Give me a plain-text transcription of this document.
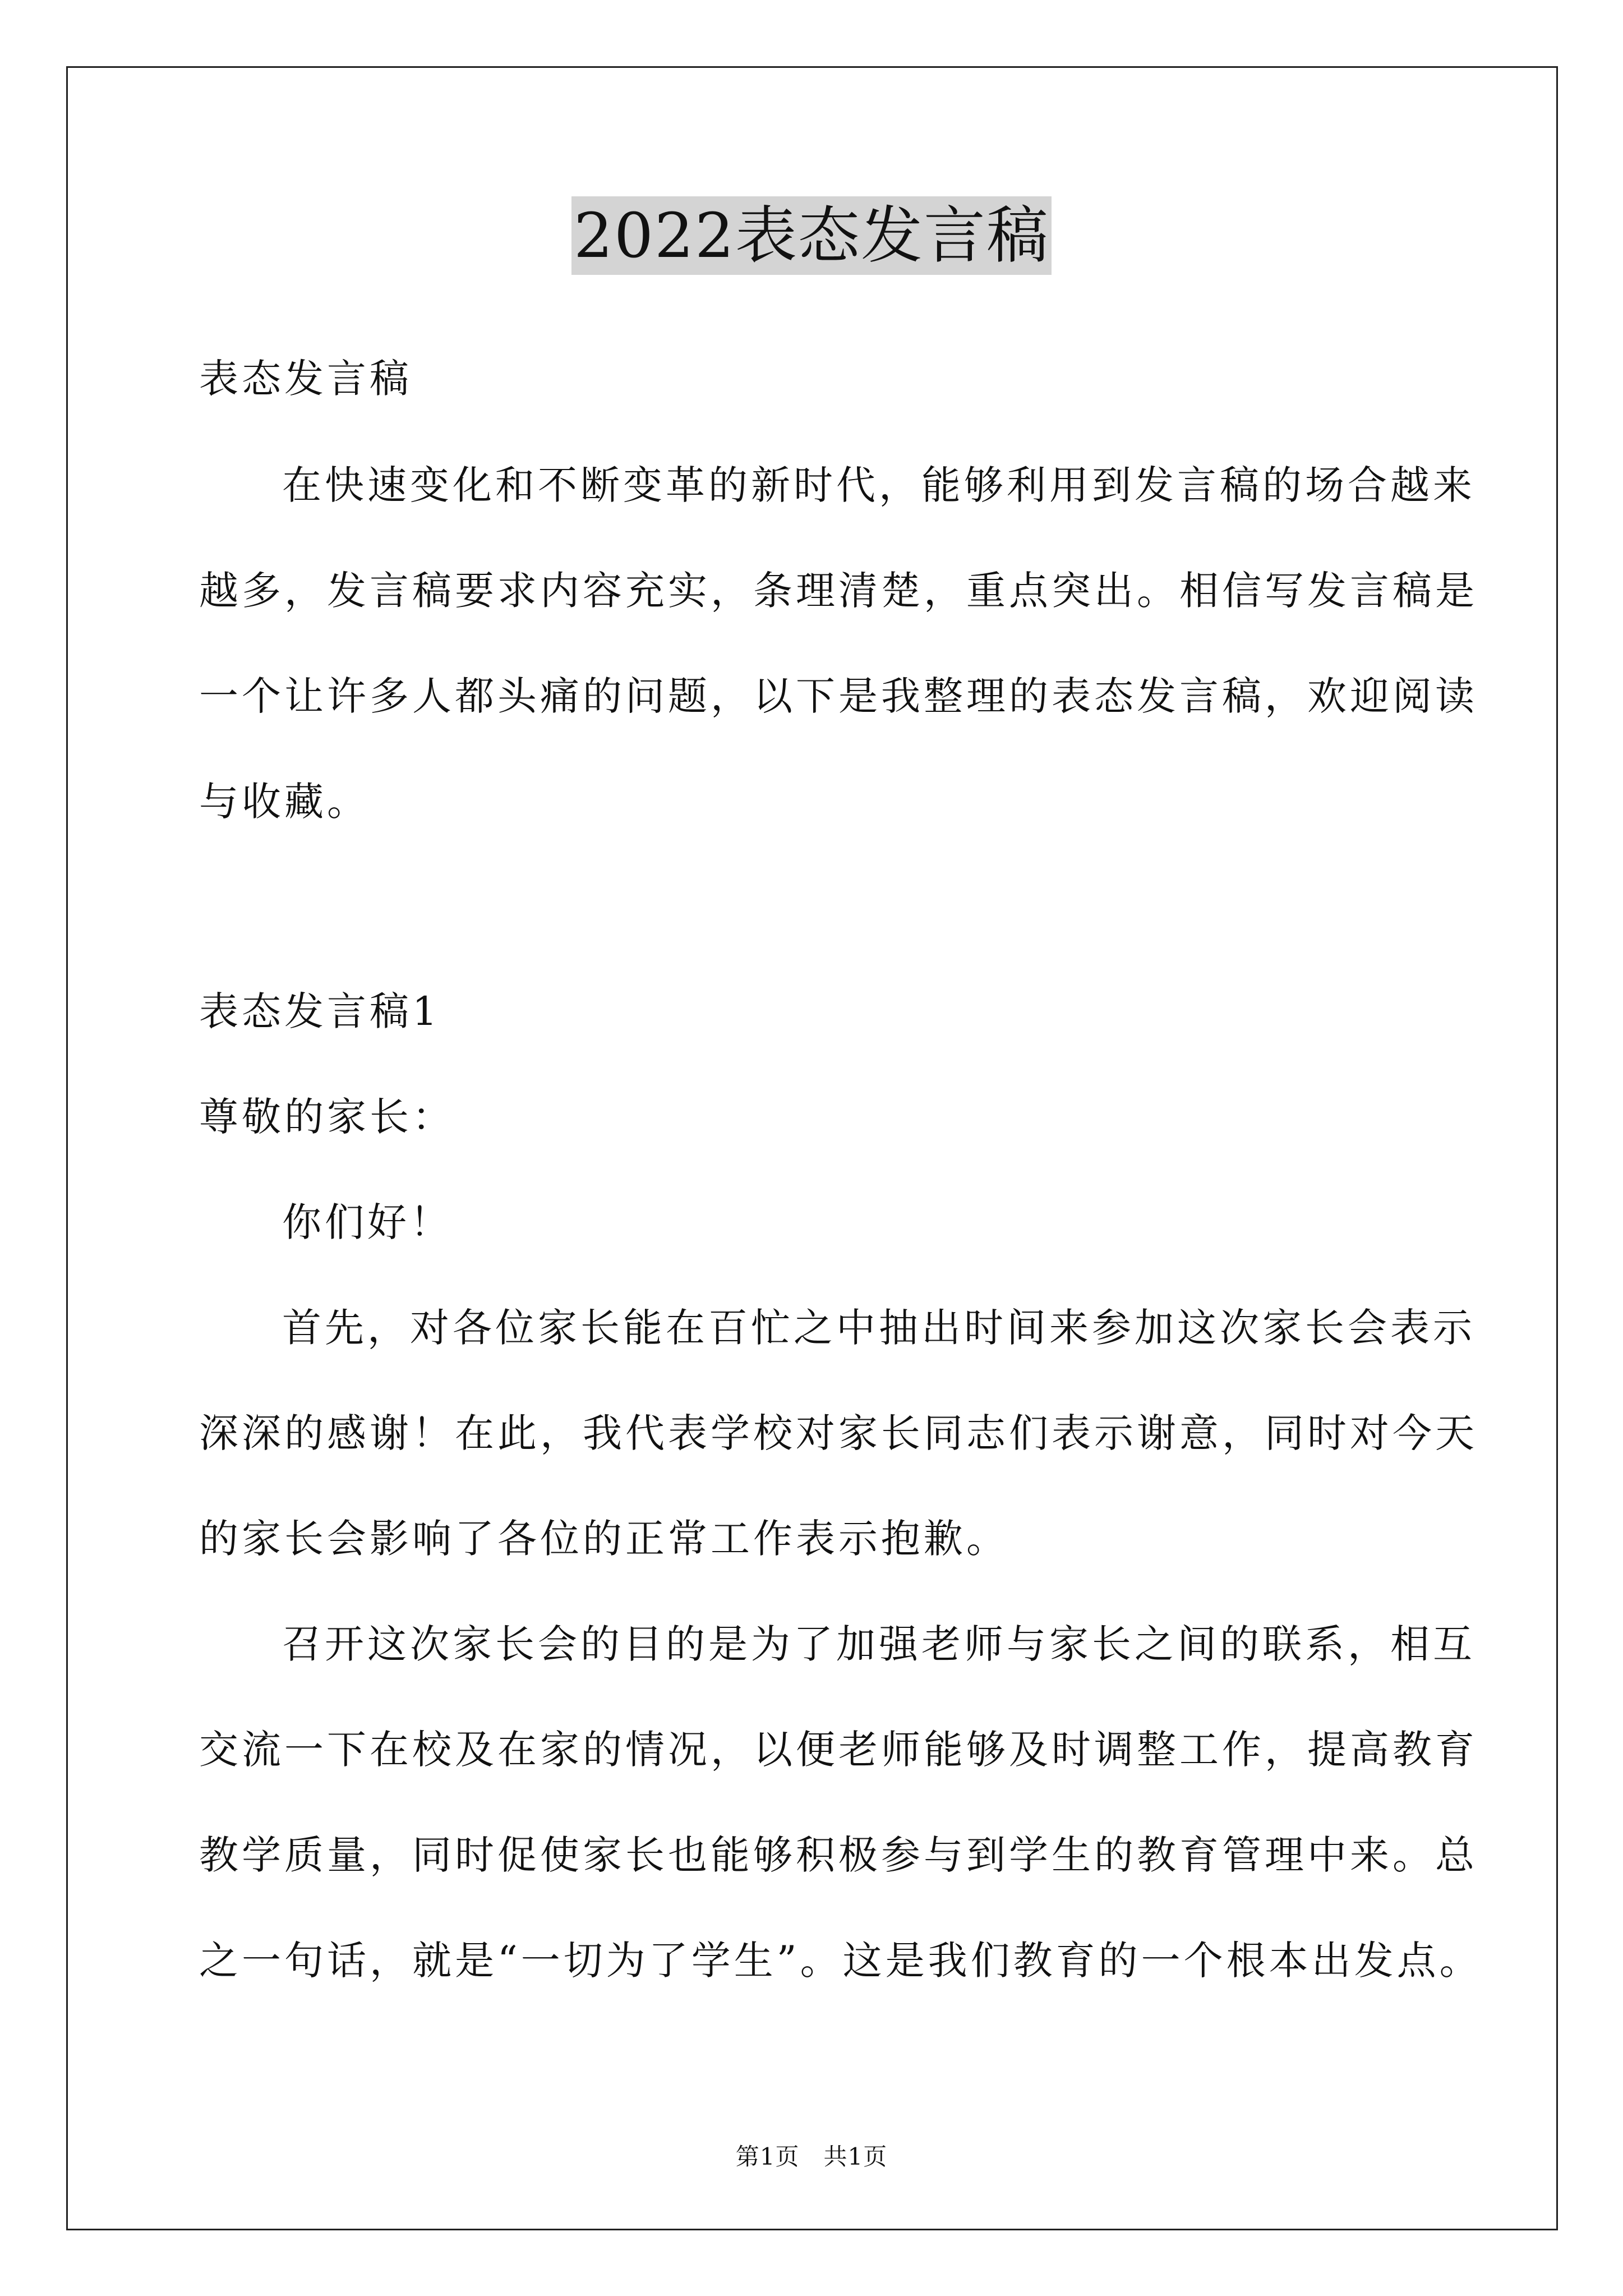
2022表态发言稿
表态发言稿
在快速变化和不断变革的新时代，能够利用到发言稿的场合越来
越多，发言稿要求内容充实，条理清楚，重点突出。相信写发言稿是
一个让许多人都头痛的问题，以下是我整理的表态发言稿，欢迎阅读
与收藏。
表态发言稿1
尊敬的家长：
你们好！
首先，对各位家长能在百忙之中抽出时间来参加这次家长会表示
深深的感谢！在此，我代表学校对家长同志们表示谢意，同时对今天
的家长会影响了各位的正常工作表示抱歉。
召开这次家长会的目的是为了加强老师与家长之间的联系，相互
交流一下在校及在家的情况，以便老师能够及时调整工作，提高教育
教学质量，同时促使家长也能够积极参与到学生的教育管理中来。总
之一句话，就是“一切为了学生”。这是我们教育的一个根本出发点。
第1页　共1页
